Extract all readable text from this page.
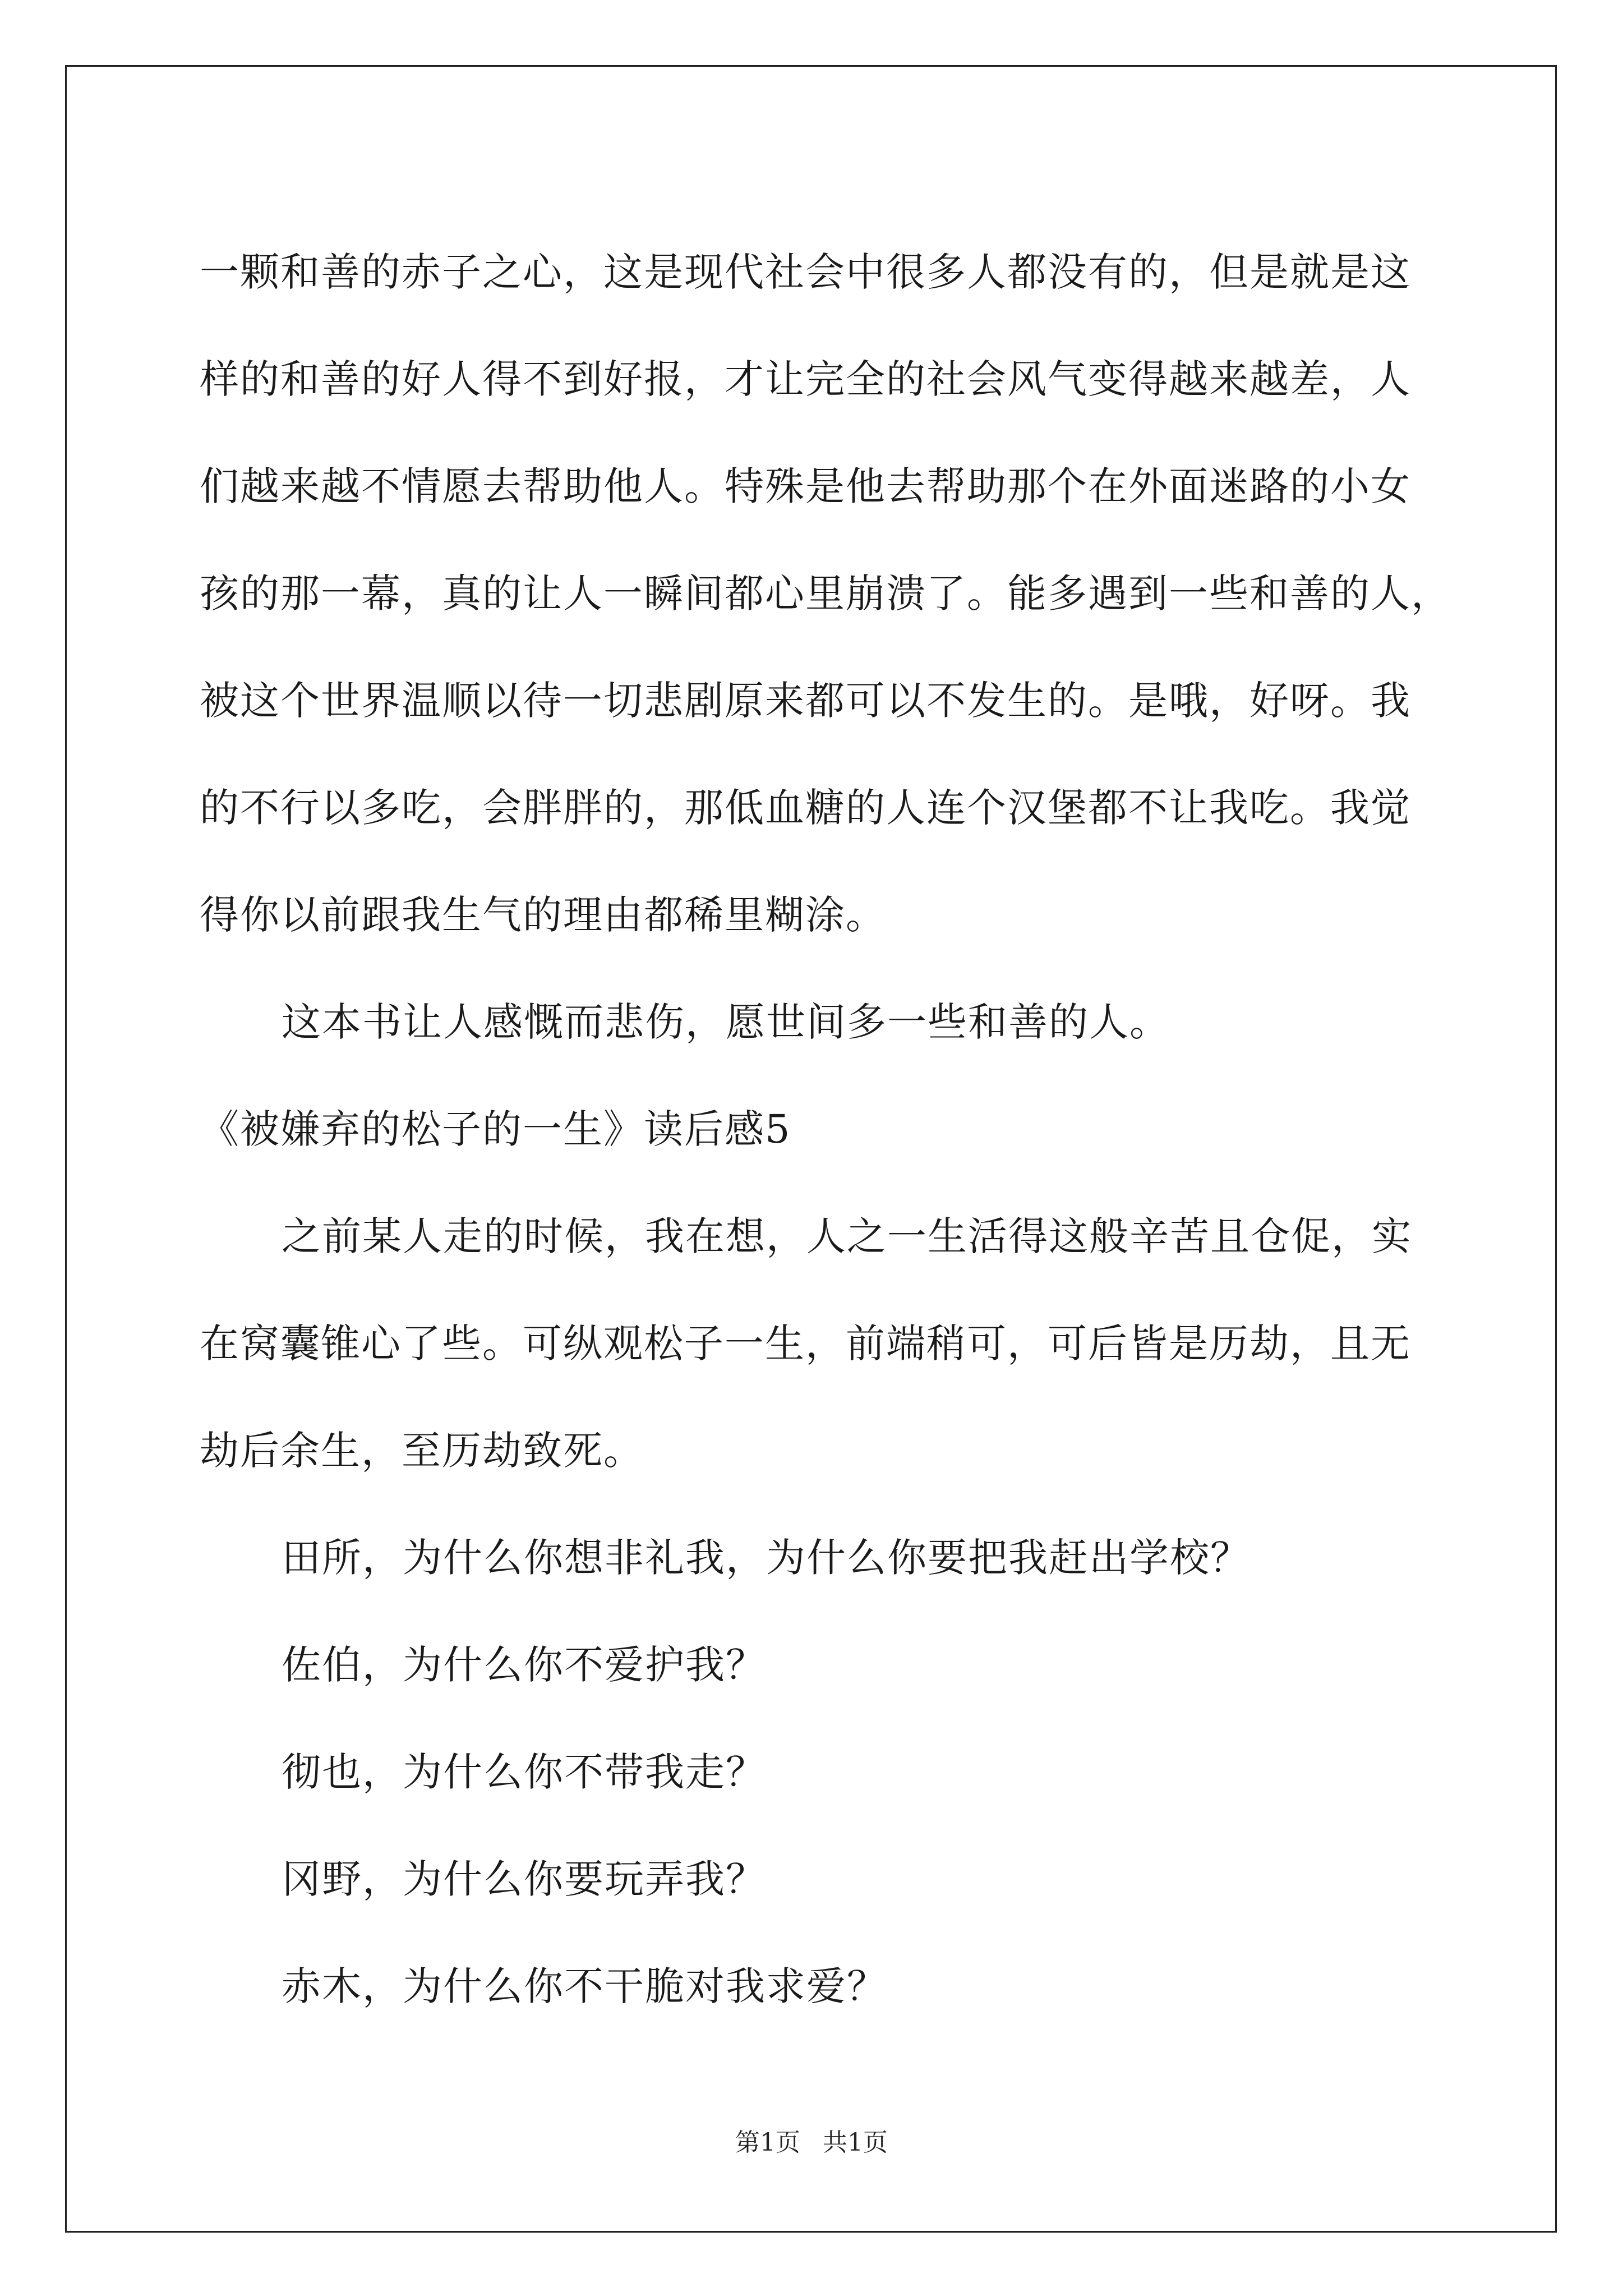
一颗和善的赤子之心，这是现代社会中很多人都没有的，但是就是这

样的和善的好人得不到好报，才让完全的社会风气变得越来越差，人

们越来越不情愿去帮助他人。特殊是他去帮助那个在外面迷路的小女

孩的那一幕，真的让人一瞬间都心里崩溃了。能多遇到一些和善的人，

被这个世界温顺以待一切悲剧原来都可以不发生的。是哦，好呀。我

的不行以多吃，会胖胖的，那低血糖的人连个汉堡都不让我吃。我觉

得你以前跟我生气的理由都稀里糊涂。

这本书让人感慨而悲伤，愿世间多一些和善的人。

《被嫌弃的松子的一生》读后感5

之前某人走的时候，我在想，人之一生活得这般辛苦且仓促，实

在窝囊锥心了些。可纵观松子一生，前端稍可，可后皆是历劫，且无

劫后余生，至历劫致死。

田所，为什么你想非礼我，为什么你要把我赶出学校？

佐伯，为什么你不爱护我？

彻也，为什么你不带我走？

冈野，为什么你要玩弄我？

赤木，为什么你不干脆对我求爱？

第1页 共1页
